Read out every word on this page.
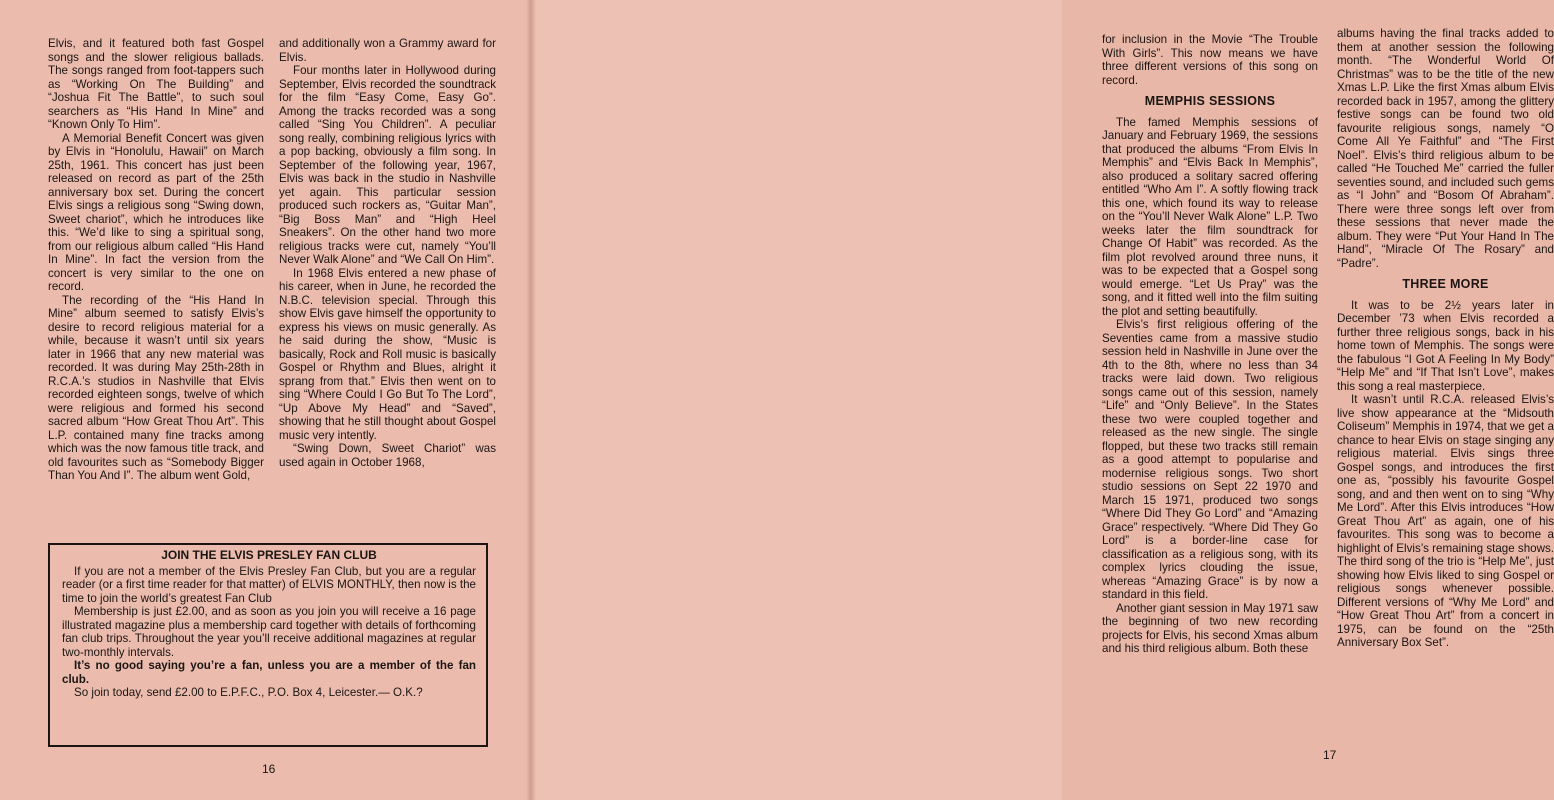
Elvis, and it featured both fast Gospel songs and the slower religious ballads. The songs ranged from foot-tappers such as “Working On The Building” and “Joshua Fit The Battle”, to such soul searchers as “His Hand In Mine” and “Known Only To Him”.

A Memorial Benefit Concert was given by Elvis in “Honolulu, Hawaii” on March 25th, 1961. This concert has just been released on record as part of the 25th anniversary box set. During the concert Elvis sings a religious song “Swing down, Sweet chariot”, which he introduces like this. “We’d like to sing a spiritual song, from our religious album called “His Hand In Mine”. In fact the version from the concert is very similar to the one on record.

The recording of the “His Hand In Mine” album seemed to satisfy Elvis’s desire to record religious material for a while, because it wasn’t until six years later in 1966 that any new material was recorded. It was during May 25th-28th in R.C.A.’s studios in Nashville that Elvis recorded eighteen songs, twelve of which were religious and formed his second sacred album “How Great Thou Art”. This L.P. contained many fine tracks among which was the now famous title track, and old favourites such as “Somebody Bigger Than You And I”. The album went Gold,

and additionally won a Grammy award for Elvis.

Four months later in Hollywood during September, Elvis recorded the soundtrack for the film “Easy Come, Easy Go”. Among the tracks recorded was a song called “Sing You Children”. A peculiar song really, combining religious lyrics with a pop backing, obviously a film song. In September of the following year, 1967, Elvis was back in the studio in Nashville yet again. This particular session produced such rockers as, “Guitar Man”, “Big Boss Man” and “High Heel Sneakers”. On the other hand two more religious tracks were cut, namely “You’ll Never Walk Alone” and “We Call On Him”.

In 1968 Elvis entered a new phase of his career, when in June, he recorded the N.B.C. television special. Through this show Elvis gave himself the opportunity to express his views on music generally. As he said during the show, “Music is basically, Rock and Roll music is basically Gospel or Rhythm and Blues, alright it sprang from that.” Elvis then went on to sing “Where Could I Go But To The Lord”, “Up Above My Head” and “Saved”, showing that he still thought about Gospel music very intently.

“Swing Down, Sweet Chariot” was used again in October 1968,

JOIN THE ELVIS PRESLEY FAN CLUB

If you are not a member of the Elvis Presley Fan Club, but you are a regular reader (or a first time reader for that matter) of ELVIS MONTHLY, then now is the time to join the world’s greatest Fan Club

Membership is just £2.00, and as soon as you join you will receive a 16 page illustrated magazine plus a membership card together with details of forthcoming fan club trips. Throughout the year you’ll receive additional magazines at regular two-monthly intervals.

It’s no good saying you’re a fan, unless you are a member of the fan club.

So join today, send £2.00 to E.P.F.C., P.O. Box 4, Leicester.— O.K.?

16

for inclusion in the Movie “The Trouble With Girls”. This now means we have three different versions of this song on record.

MEMPHIS SESSIONS

The famed Memphis sessions of January and February 1969, the sessions that produced the albums “From Elvis In Memphis” and “Elvis Back In Memphis”, also produced a solitary sacred offering entitled “Who Am I”. A softly flowing track this one, which found its way to release on the “You’ll Never Walk Alone” L.P. Two weeks later the film soundtrack for Change Of Habit” was recorded. As the film plot revolved around three nuns, it was to be expected that a Gospel song would emerge. “Let Us Pray” was the song, and it fitted well into the film suiting the plot and setting beautifully.

Elvis’s first religious offering of the Seventies came from a massive studio session held in Nashville in June over the 4th to the 8th, where no less than 34 tracks were laid down. Two religious songs came out of this session, namely “Life” and “Only Believe”. In the States these two were coupled together and released as the new single. The single flopped, but these two tracks still remain as a good attempt to popularise and modernise religious songs. Two short studio sessions on Sept 22 1970 and March 15 1971, produced two songs “Where Did They Go Lord” and “Amazing Grace” respectively. “Where Did They Go Lord” is a border-line case for classification as a religious song, with its complex lyrics clouding the issue, whereas “Amazing Grace” is by now a standard in this field.

Another giant session in May 1971 saw the beginning of two new recording projects for Elvis, his second Xmas album and his third religious album. Both these

albums having the final tracks added to them at another session the following month. “The Wonderful World Of Christmas” was to be the title of the new Xmas L.P. Like the first Xmas album Elvis recorded back in 1957, among the glittery festive songs can be found two old favourite religious songs, namely “O Come All Ye Faithful” and “The First Noel”. Elvis’s third religious album to be called “He Touched Me” carried the fuller seventies sound, and included such gems as “I John” and “Bosom Of Abraham”. There were three songs left over from these sessions that never made the album. They were “Put Your Hand In The Hand”, “Miracle Of The Rosary” and “Padre”.

THREE MORE

It was to be 2½ years later in December ’73 when Elvis recorded a further three religious songs, back in his home town of Memphis. The songs were the fabulous “I Got A Feeling In My Body” “Help Me” and “If That Isn’t Love”, makes this song a real masterpiece.

It wasn’t until R.C.A. released Elvis’s live show appearance at the “Midsouth Coliseum” Memphis in 1974, that we get a chance to hear Elvis on stage singing any religious material. Elvis sings three Gospel songs, and introduces the first one as, “possibly his favourite Gospel song, and and then went on to sing “Why Me Lord”. After this Elvis introduces “How Great Thou Art” as again, one of his favourites. This song was to become a highlight of Elvis’s remaining stage shows. The third song of the trio is “Help Me”, just showing how Elvis liked to sing Gospel or religious songs whenever possible. Different versions of “Why Me Lord” and “How Great Thou Art” from a concert in 1975, can be found on the “25th Anniversary Box Set”.

17
